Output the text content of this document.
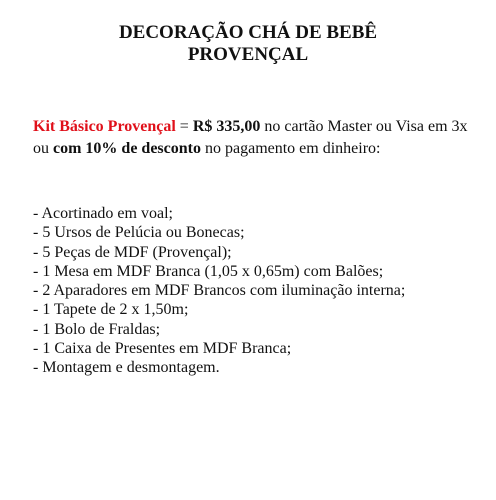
DECORAÇÃO CHÁ DE BEBÊ
PROVENÇAL
Kit Básico Provençal = R$ 335,00 no cartão Master ou Visa em 3x ou com 10% de desconto no pagamento em dinheiro:
- Acortinado em voal;
- 5 Ursos de Pelúcia ou Bonecas;
- 5 Peças de MDF (Provençal);
- 1 Mesa em MDF Branca (1,05 x 0,65m) com Balões;
- 2 Aparadores em MDF Brancos com iluminação interna;
- 1 Tapete de 2 x 1,50m;
- 1 Bolo de Fraldas;
- 1 Caixa de Presentes em MDF Branca;
- Montagem e desmontagem.
